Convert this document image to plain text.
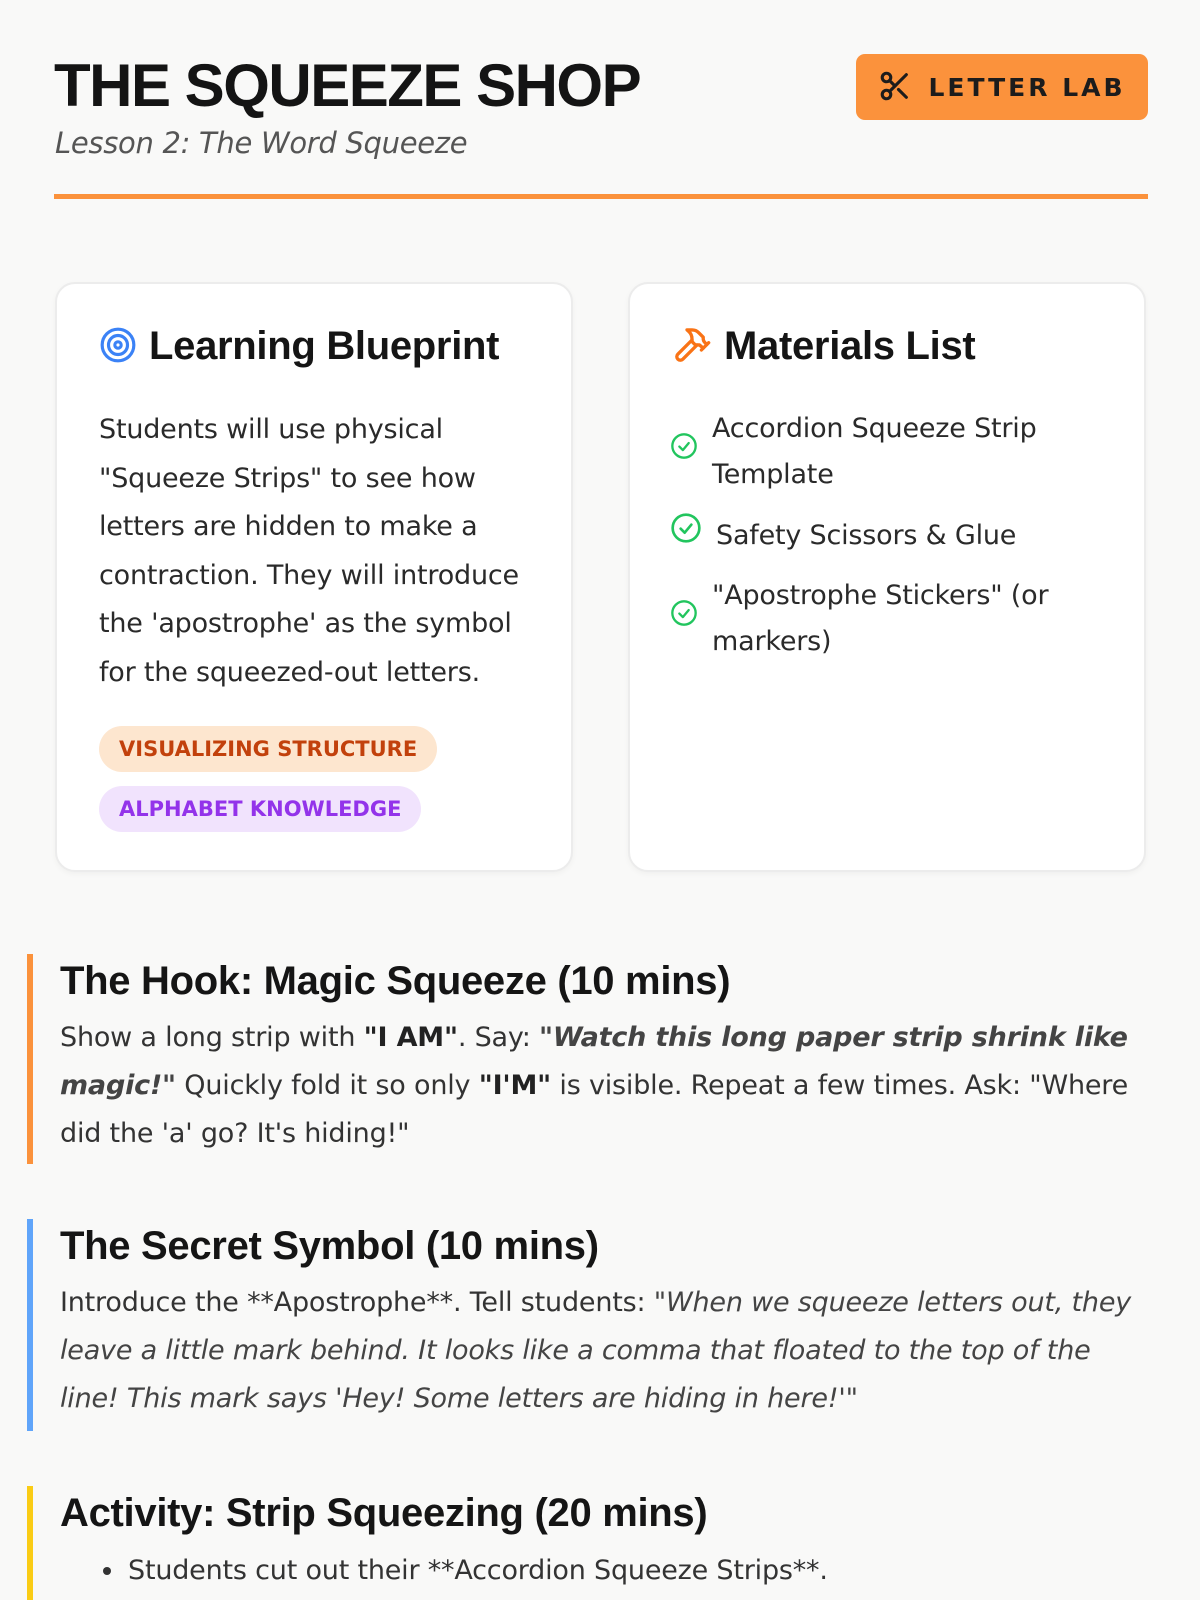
THE SQUEEZE SHOP
Lesson 2: The Word Squeeze
LETTER LAB
Learning Blueprint

Students will use physical "Squeeze Strips" to see how letters are hidden to make a contraction. They will introduce the 'apostrophe' as the symbol for the squeezed-out letters.

VISUALIZING STRUCTURE
ALPHABET KNOWLEDGE
Materials List
Accordion Squeeze Strip Template
Safety Scissors & Glue
"Apostrophe Stickers" (or markers)
The Hook: Magic Squeeze (10 mins)

Show a long strip with "I AM". Say: "Watch this long paper strip shrink like magic!" Quickly fold it so only "I'M" is visible. Repeat a few times. Ask: "Where did the 'a' go? It's hiding!"

The Secret Symbol (10 mins)

Introduce the **Apostrophe**. Tell students: "When we squeeze letters out, they leave a little mark behind. It looks like a comma that floated to the top of the line! This mark says 'Hey! Some letters are hiding in here!'"

Activity: Strip Squeezing (20 mins)
• Students cut out their **Accordion Squeeze Strips**.
